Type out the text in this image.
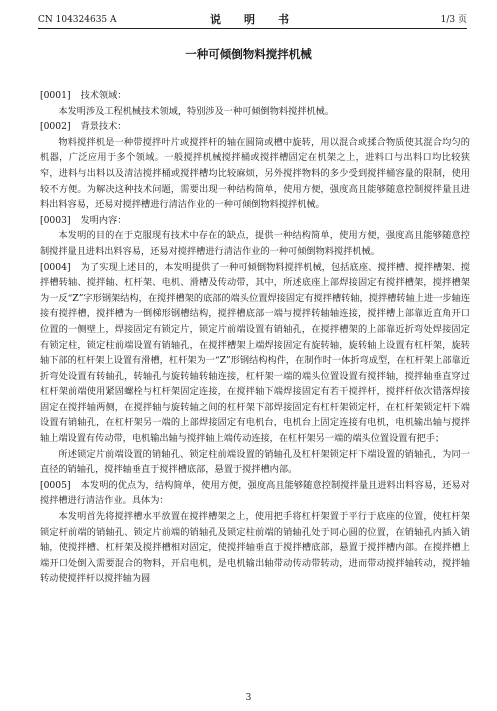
CN 104324635 A	说　明　书	1/3 页
一种可倾倒物料搅拌机械

[0001] 技术领域：

本发明涉及工程机械技术领域，特别涉及一种可倾倒物料搅拌机械。

[0002] 背景技术：

物料搅拌机是一种带搅拌叶片或搅拌杆的轴在圆筒或槽中旋转，用以混合或揉合物质使其混合均匀的机器，广泛应用于多个领域。一般搅拌机械搅拌桶或搅拌槽固定在机架之上，进料口与出料口均比较狭窄，进料与出料以及清洁搅拌桶或搅拌槽均比较麻烦，另外搅拌物料的多少受到搅拌桶容量的限制，使用较不方便。为解决这种技术问题，需要出现一种结构简单，使用方便，强度高且能够随意控制搅拌量且进料出料容易，还易对搅拌槽进行清洁作业的一种可倾倒物料搅拌机械。

[0003] 发明内容：

本发明的目的在于克服现有技术中存在的缺点，提供一种结构简单，使用方便，强度高且能够随意控制搅拌量且进料出料容易，还易对搅拌槽进行清洁作业的一种可倾倒物料搅拌机械。

[0004] 为了实现上述目的，本发明提供了一种可倾倒物料搅拌机械，包括底座、搅拌槽、搅拌槽架、搅拌槽转轴、搅拌轴、杠杆架、电机、滑槽及传动带，其中，所述底座上部焊接固定有搅拌槽架，搅拌槽架为一反“Z”字形钢架结构，在搅拌槽架的底部的端头位置焊接固定有搅拌槽转轴，搅拌槽转轴上进一步轴连接有搅拌槽，搅拌槽为一倒梯形钢槽结构，搅拌槽底部一端与搅拌转轴轴连接，搅拌槽上部靠近直角开口位置的一侧壁上，焊接固定有锁定片，锁定片前端设置有销轴孔，在搅拌槽架的上部靠近折弯处焊接固定有锁定柱，锁定柱前端设置有销轴孔，在搅拌槽架上端焊接固定有旋转轴，旋转轴上设置有杠杆架，旋转轴下部的杠杆架上设置有滑槽，杠杆架为一“Z”形钢结构构件，在制作时一体折弯成型，在杠杆架上部靠近折弯处设置有转轴孔，转轴孔与旋转轴转轴连接，杠杆架一端的端头位置设置有搅拌轴，搅拌轴垂直穿过杠杆架前端使用紧固螺栓与杠杆架固定连接，在搅拌轴下端焊接固定有若干搅拌杆，搅拌杆依次错落焊接固定在搅拌轴两侧，在搅拌轴与旋转轴之间的杠杆架下部焊接固定有杠杆架锁定杆，在杠杆架锁定杆下端设置有销轴孔，在杠杆架另一端的上部焊接固定有电机台，电机台上固定连接有电机，电机输出轴与搅拌轴上端设置有传动带，电机输出轴与搅拌轴上端传动连接，在杠杆架另一端的端头位置设置有把手；

所述锁定片前端设置的销轴孔、锁定柱前端设置的销轴孔及杠杆架锁定杆下端设置的销轴孔，为同一直径的销轴孔，搅拌轴垂直于搅拌槽底部，悬置于搅拌槽内部。

[0005] 本发明的优点为，结构简单，使用方便，强度高且能够随意控制搅拌量且进料出料容易，还易对搅拌槽进行清洁作业。具体为：

本发明首先将搅拌槽水平放置在搅拌槽架之上，使用把手将杠杆架置于平行于底座的位置，使杠杆架锁定杆前端的销轴孔、锁定片前端的销轴孔及锁定柱前端的销轴孔处于同心圆的位置，在销轴孔内插入销轴，使搅拌槽、杠杆架及搅拌槽相对固定，使搅拌轴垂直于搅拌槽底部，悬置于搅拌槽内部。在搅拌槽上端开口处倒入需要混合的物料，开启电机，是电机输出轴带动传动带转动，进而带动搅拌轴转动，搅拌轴转动使搅拌杆以搅拌轴为圆

3
